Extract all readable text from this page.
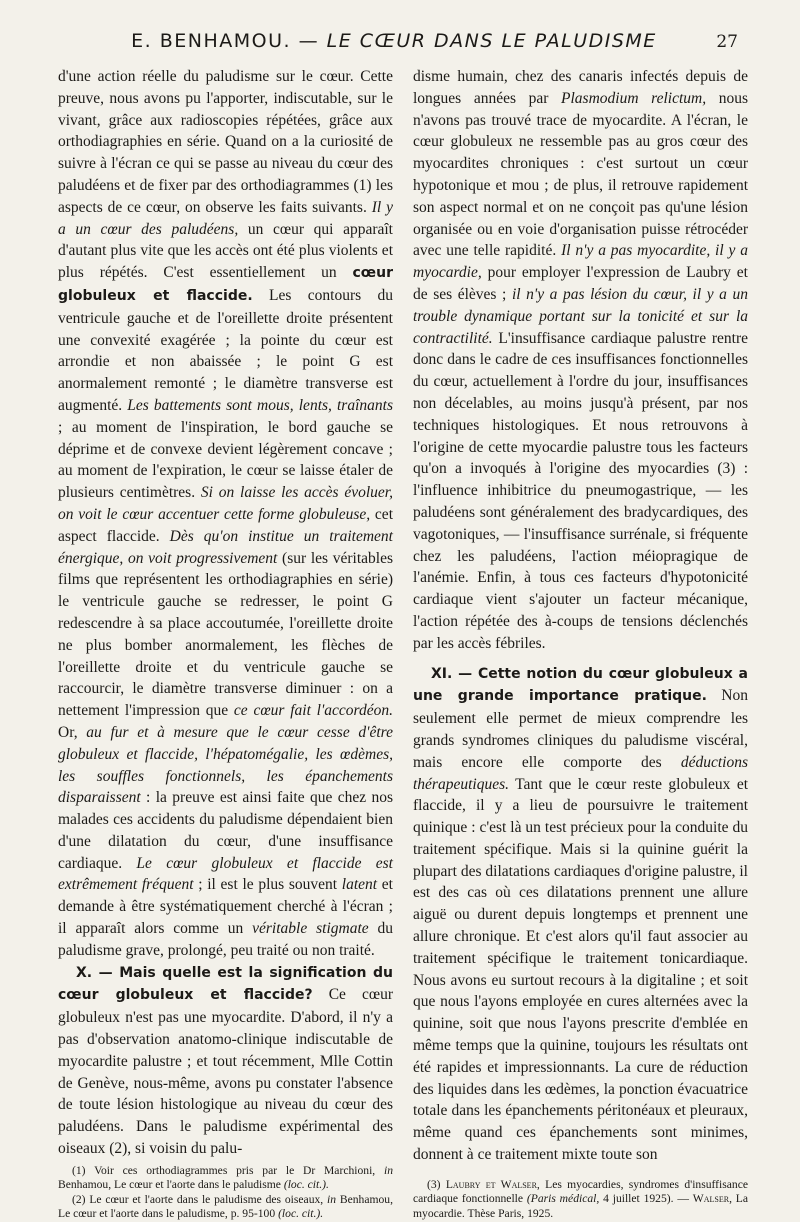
E. BENHAMOU. — LE CŒUR DANS LE PALUDISME	27

d'une action réelle du paludisme sur le cœur. Cette preuve, nous avons pu l'apporter, indiscutable, sur le vivant, grâce aux radioscopies répétées, grâce aux orthodiagraphies en série. Quand on a la curiosité de suivre à l'écran ce qui se passe au niveau du cœur des paludéens et de fixer par des orthodiagrammes (1) les aspects de ce cœur, on observe les faits suivants. Il y a un cœur des paludéens, un cœur qui apparaît d'autant plus vite que les accès ont été plus violents et plus répétés. C'est essentiellement un cœur globuleux et flaccide. Les contours du ventricule gauche et de l'oreillette droite présentent une convexité exagérée ; la pointe du cœur est arrondie et non abaissée ; le point G est anormalement remonté ; le diamètre transverse est augmenté. Les battements sont mous, lents, traînants ; au moment de l'inspiration, le bord gauche se déprime et de convexe devient légèrement concave ; au moment de l'expiration, le cœur se laisse étaler de plusieurs centimètres. Si on laisse les accès évoluer, on voit le cœur accentuer cette forme globuleuse, cet aspect flaccide. Dès qu'on institue un traitement énergique, on voit progressivement (sur les véritables films que représentent les orthodiagraphies en série) le ventricule gauche se redresser, le point G redescendre à sa place accoutumée, l'oreillette droite ne plus bomber anormalement, les flèches de l'oreillette droite et du ventricule gauche se raccourcir, le diamètre transverse diminuer : on a nettement l'impression que ce cœur fait l'accordéon. Or, au fur et à mesure que le cœur cesse d'être globuleux et flaccide, l'hépatomégalie, les œdèmes, les souffles fonctionnels, les épanchements disparaissent : la preuve est ainsi faite que chez nos malades ces accidents du paludisme dépendaient bien d'une dilatation du cœur, d'une insuffisance cardiaque. Le cœur globuleux et flaccide est extrêmement fréquent ; il est le plus souvent latent et demande à être systématiquement cherché à l'écran ; il apparaît alors comme un véritable stigmate du paludisme grave, prolongé, peu traité ou non traité.

X. — Mais quelle est la signification du cœur globuleux et flaccide? Ce cœur globuleux n'est pas une myocardite. D'abord, il n'y a pas d'observation anatomo-clinique indiscutable de myocardite palustre ; et tout récemment, Mlle Cottin de Genève, nous-même, avons pu constater l'absence de toute lésion histologique au niveau du cœur des paludéens. Dans le paludisme expérimental des oiseaux (2), si voisin du palu-

(1) Voir ces orthodiagrammes pris par le Dr Marchioni, in Benhamou, Le cœur et l'aorte dans le paludisme (loc. cit.).

(2) Le cœur et l'aorte dans le paludisme des oiseaux, in Benhamou, Le cœur et l'aorte dans le paludisme, p. 95-100 (loc. cit.).

disme humain, chez des canaris infectés depuis de longues années par Plasmodium relictum, nous n'avons pas trouvé trace de myocardite. A l'écran, le cœur globuleux ne ressemble pas au gros cœur des myocardites chroniques : c'est surtout un cœur hypotonique et mou ; de plus, il retrouve rapidement son aspect normal et on ne conçoit pas qu'une lésion organisée ou en voie d'organisation puisse rétrocéder avec une telle rapidité. Il n'y a pas myocardite, il y a myocardie, pour employer l'expression de Laubry et de ses élèves ; il n'y a pas lésion du cœur, il y a un trouble dynamique portant sur la tonicité et sur la contractilité. L'insuffisance cardiaque palustre rentre donc dans le cadre de ces insuffisances fonctionnelles du cœur, actuellement à l'ordre du jour, insuffisances non décelables, au moins jusqu'à présent, par nos techniques histologiques. Et nous retrouvons à l'origine de cette myocardie palustre tous les facteurs qu'on a invoqués à l'origine des myocardies (3) : l'influence inhibitrice du pneumogastrique, — les paludéens sont généralement des bradycardiques, des vagotoniques, — l'insuffisance surrénale, si fréquente chez les paludéens, l'action méiopragique de l'anémie. Enfin, à tous ces facteurs d'hypotonicité cardiaque vient s'ajouter un facteur mécanique, l'action répétée des à-coups de tensions déclenchés par les accès fébriles.

XI. — Cette notion du cœur globuleux a une grande importance pratique. Non seulement elle permet de mieux comprendre les grands syndromes cliniques du paludisme viscéral, mais encore elle comporte des déductions thérapeutiques. Tant que le cœur reste globuleux et flaccide, il y a lieu de poursuivre le traitement quinique : c'est là un test précieux pour la conduite du traitement spécifique. Mais si la quinine guérit la plupart des dilatations cardiaques d'origine palustre, il est des cas où ces dilatations prennent une allure aiguë ou durent depuis longtemps et prennent une allure chronique. Et c'est alors qu'il faut associer au traitement spécifique le traitement tonicardiaque. Nous avons eu surtout recours à la digitaline ; et soit que nous l'ayons employée en cures alternées avec la quinine, soit que nous l'ayons prescrite d'emblée en même temps que la quinine, toujours les résultats ont été rapides et impressionnants. La cure de réduction des liquides dans les œdèmes, la ponction évacuatrice totale dans les épanchements péritonéaux et pleuraux, même quand ces épanchements sont minimes, donnent à ce traitement mixte toute son

(3) Laubry et Walser, Les myocardies, syndromes d'insuffisance cardiaque fonctionnelle (Paris médical, 4 juillet 1925). — Walser, La myocardie. Thèse Paris, 1925.
